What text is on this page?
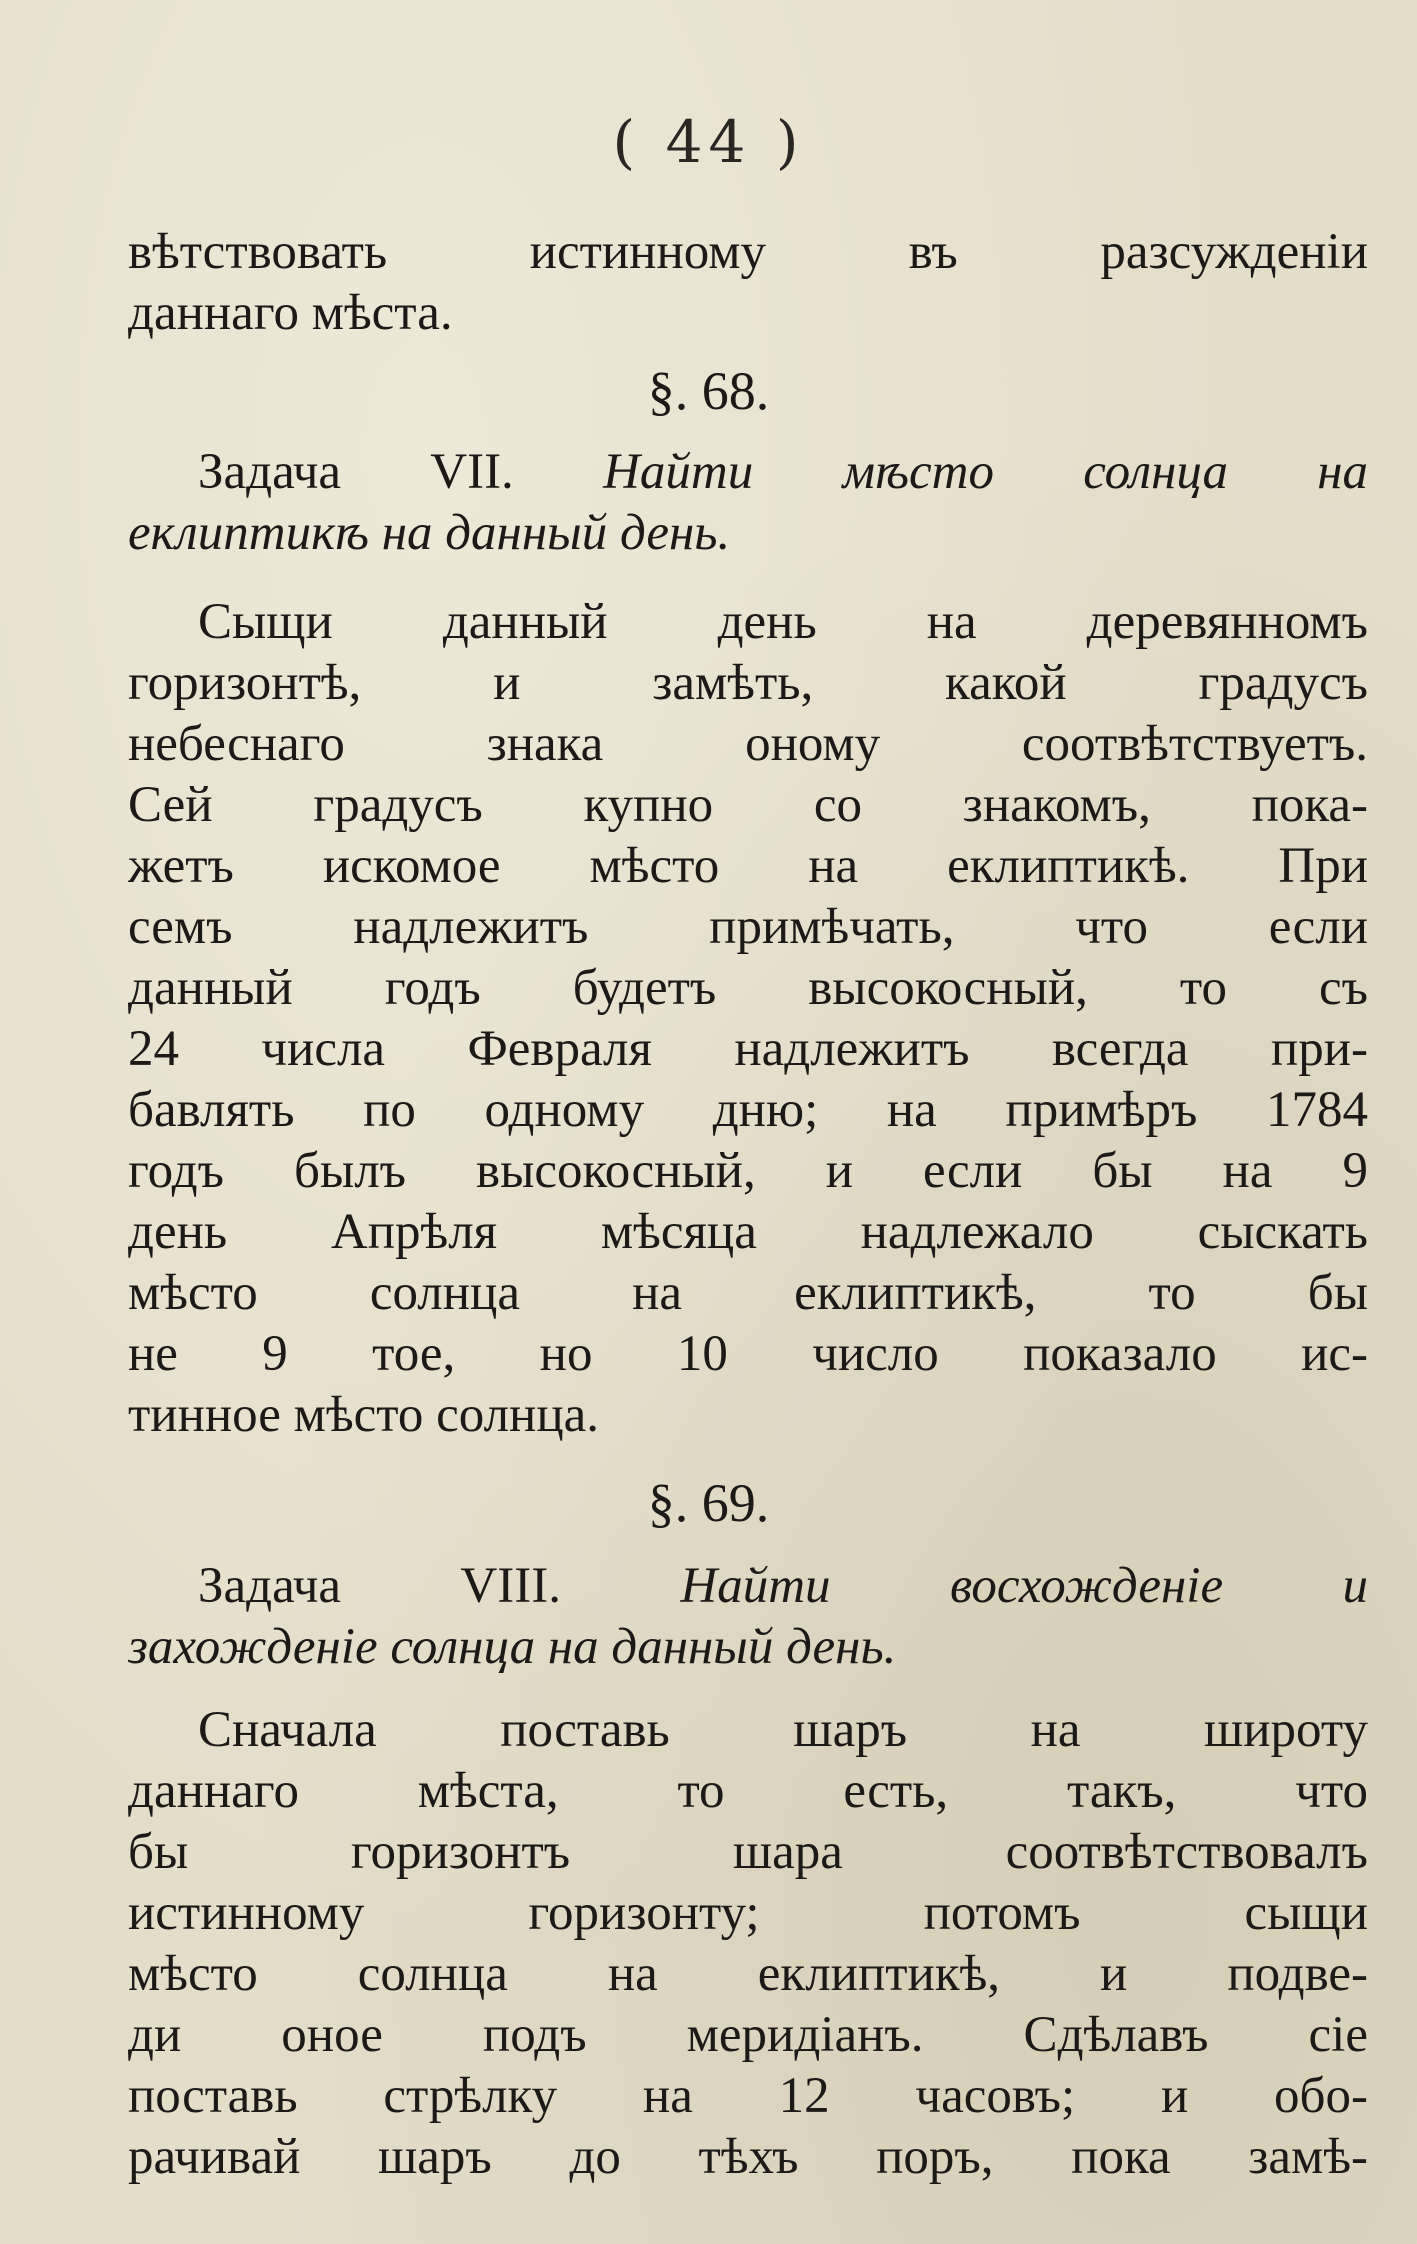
( 44 )
вѣтствовать истинному въ разсужденіи
даннаго мѣста.
§. 68.
Задача VII. Найти мѣсто солнца на
еклиптикѣ на данный день.
Сыщи данный день на деревянномъ
горизонтѣ, и замѣть, какой градусъ
небеснаго знака оному соотвѣтствуетъ.
Сей градусъ купно со знакомъ, пока-
жетъ искомое мѣсто на еклиптикѣ. При
семъ надлежитъ примѣчать, что если
данный годъ будетъ высокосный, то съ
24 числа Февраля надлежитъ всегда при-
бавлять по одному дню; на примѣръ 1784
годъ былъ высокосный, и если бы на 9
день Апрѣля мѣсяца надлежало сыскать
мѣсто солнца на еклиптикѣ, то бы
не 9 тое, но 10 число показало ис-
тинное мѣсто солнца.
§. 69.
Задача VIII. Найти восхожденіе и
захожденіе солнца на данный день.
Сначала поставь шаръ на широту
даннаго мѣста, то есть, такъ, что
бы горизонтъ шара соотвѣтствовалъ
истинному горизонту; потомъ сыщи
мѣсто солнца на еклиптикѣ, и подве-
ди оное подъ меридіанъ. Сдѣлавъ сіе
поставь стрѣлку на 12 часовъ; и обо-
рачивай шаръ до тѣхъ поръ, пока замѣ-
